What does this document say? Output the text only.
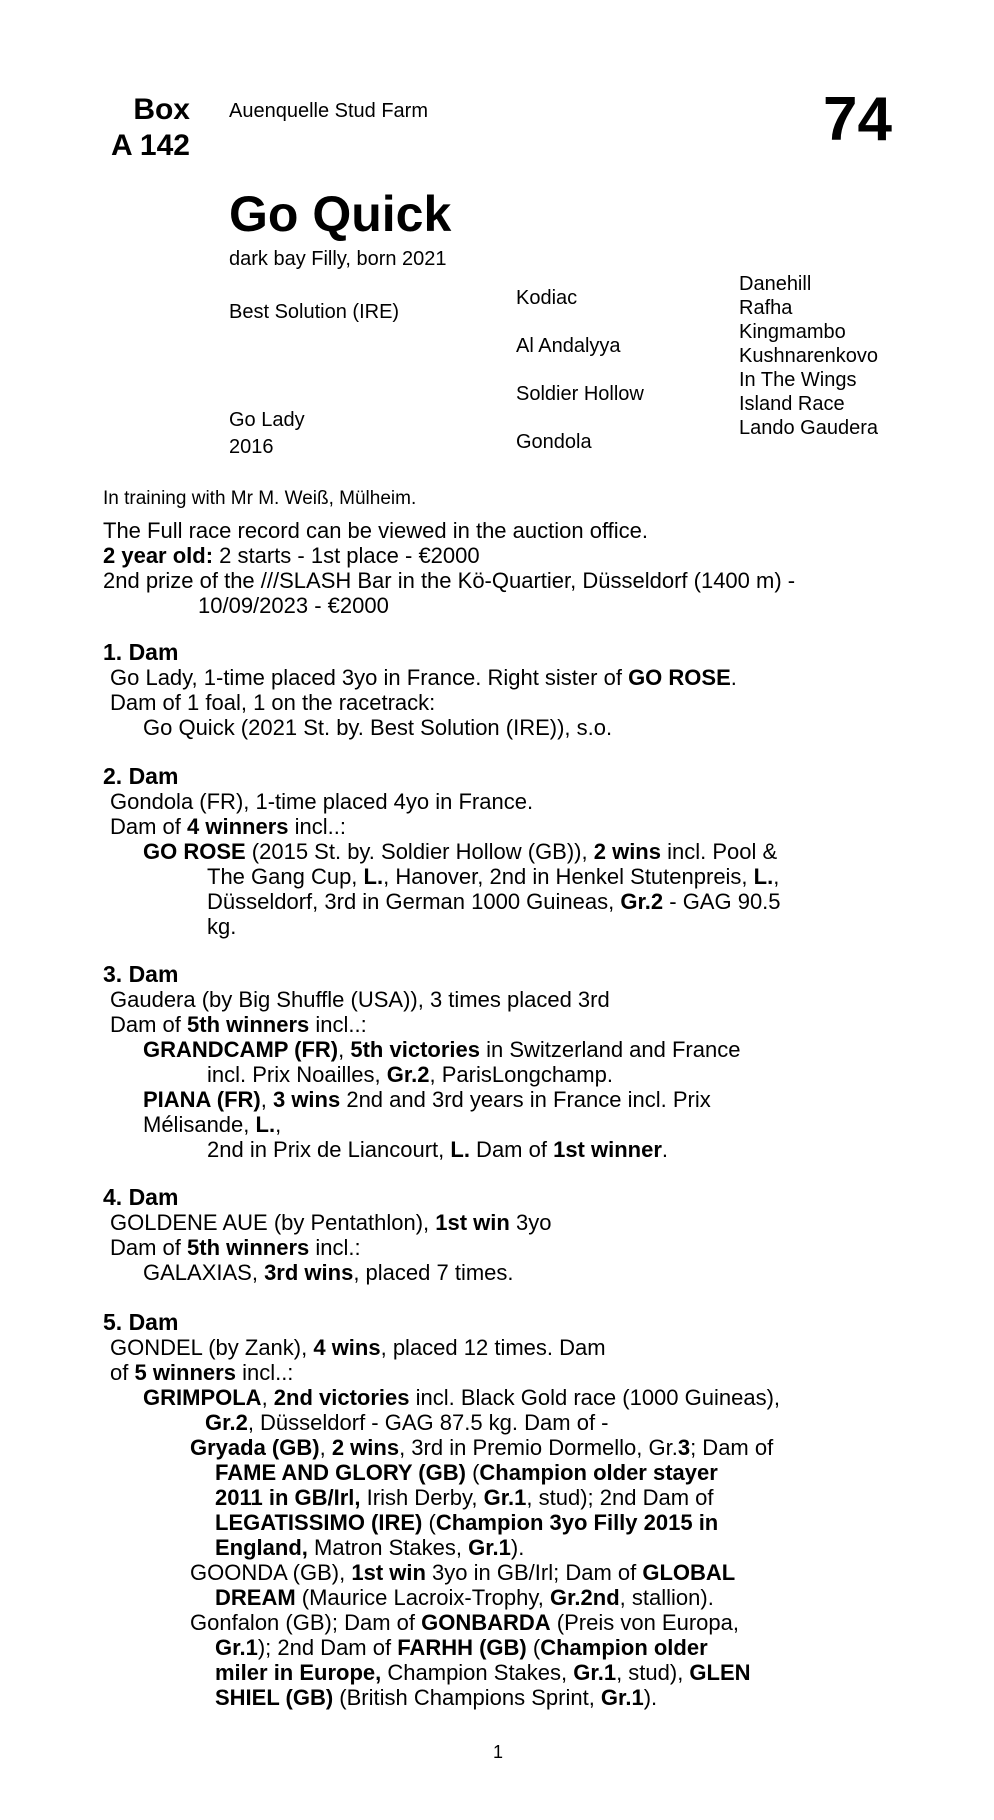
Box
A 142
Auenquelle Stud Farm	74
Go Quick
dark bay Filly, born 2021
Best Solution (IRE)
Go Lady
2016
Kodiac
Al Andalyya
Soldier Hollow
Gondola
Danehill
Rafha
Kingmambo
Kushnarenkovo
In The Wings
Island Race
Lando Gaudera
In training with Mr M. Weiß, Mülheim.
The Full race record can be viewed in the auction office.
2 year old: 2 starts - 1st place - €2000
2nd prize of the ///SLASH Bar in the Kö-Quartier, Düsseldorf (1400 m) -
10/09/2023 - €2000
1. Dam
Go Lady, 1-time placed 3yo in France. Right sister of GO ROSE.
Dam of 1 foal, 1 on the racetrack:
Go Quick (2021 St. by. Best Solution (IRE)), s.o.
2. Dam
Gondola (FR), 1-time placed 4yo in France.
Dam of 4 winners incl..:
GO ROSE (2015 St. by. Soldier Hollow (GB)), 2 wins incl. Pool &
The Gang Cup, L., Hanover, 2nd in Henkel Stutenpreis, L.,
Düsseldorf, 3rd in German 1000 Guineas, Gr.2 - GAG 90.5
kg.
3. Dam
Gaudera (by Big Shuffle (USA)), 3 times placed 3rd
Dam of 5th winners incl..:
GRANDCAMP (FR), 5th victories in Switzerland and France
incl. Prix Noailles, Gr.2, ParisLongchamp.
PIANA (FR), 3 wins 2nd and 3rd years in France incl. Prix
Mélisande, L.,
2nd in Prix de Liancourt, L. Dam of 1st winner.
4. Dam
GOLDENE AUE (by Pentathlon), 1st win 3yo
Dam of 5th winners incl.:
GALAXIAS, 3rd wins, placed 7 times.
5. Dam
GONDEL (by Zank), 4 wins, placed 12 times. Dam
of 5 winners incl..:
GRIMPOLA, 2nd victories incl. Black Gold race (1000 Guineas),
Gr.2, Düsseldorf - GAG 87.5 kg. Dam of -
Gryada (GB), 2 wins, 3rd in Premio Dormello, Gr.3; Dam of
FAME AND GLORY (GB) (Champion older stayer
2011 in GB/Irl, Irish Derby, Gr.1, stud); 2nd Dam of
LEGATISSIMO (IRE) (Champion 3yo Filly 2015 in
England, Matron Stakes, Gr.1).
GOONDA (GB), 1st win 3yo in GB/Irl; Dam of GLOBAL
DREAM (Maurice Lacroix-Trophy, Gr.2nd, stallion).
Gonfalon (GB); Dam of GONBARDA (Preis von Europa,
Gr.1); 2nd Dam of FARHH (GB) (Champion older
miler in Europe, Champion Stakes, Gr.1, stud), GLEN
SHIEL (GB) (British Champions Sprint, Gr.1).
1
